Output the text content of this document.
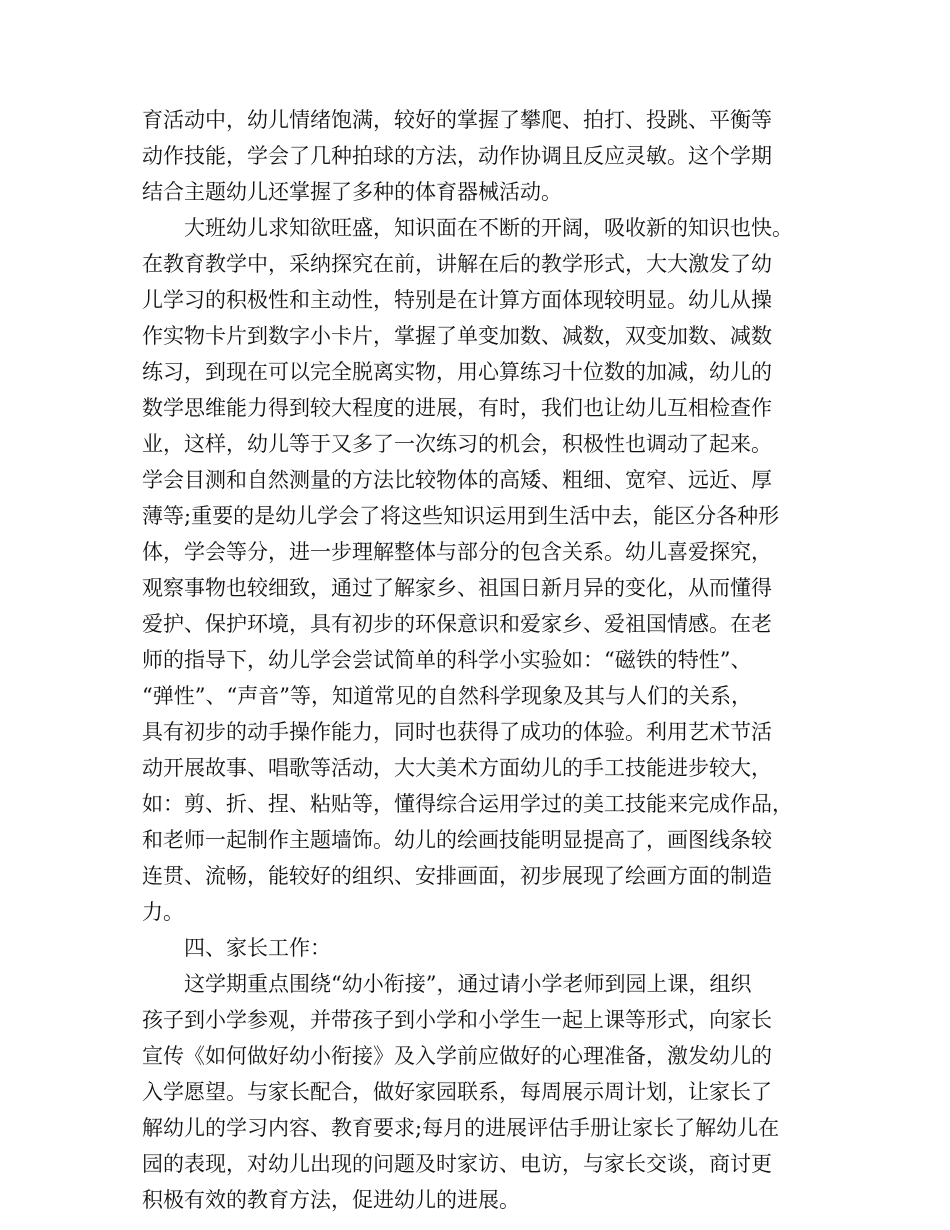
育活动中，幼儿情绪饱满，较好的掌握了攀爬、拍打、投跳、平衡等
动作技能，学会了几种拍球的方法，动作协调且反应灵敏。这个学期
结合主题幼儿还掌握了多种的体育器械活动。
大班幼儿求知欲旺盛，知识面在不断的开阔，吸收新的知识也快。
在教育教学中，采纳探究在前，讲解在后的教学形式，大大激发了幼
儿学习的积极性和主动性，特别是在计算方面体现较明显。幼儿从操
作实物卡片到数字小卡片，掌握了单变加数、减数，双变加数、减数
练习，到现在可以完全脱离实物，用心算练习十位数的加减，幼儿的
数学思维能力得到较大程度的进展，有时，我们也让幼儿互相检查作
业，这样，幼儿等于又多了一次练习的机会，积极性也调动了起来。
学会目测和自然测量的方法比较物体的高矮、粗细、宽窄、远近、厚
薄等;重要的是幼儿学会了将这些知识运用到生活中去，能区分各种形
体，学会等分，进一步理解整体与部分的包含关系。幼儿喜爱探究，
观察事物也较细致，通过了解家乡、祖国日新月异的变化，从而懂得
爱护、保护环境，具有初步的环保意识和爱家乡、爱祖国情感。在老
师的指导下，幼儿学会尝试简单的科学小实验如：“磁铁的特性”、
“弹性”、“声音”等，知道常见的自然科学现象及其与人们的关系，
具有初步的动手操作能力，同时也获得了成功的体验。利用艺术节活
动开展故事、唱歌等活动，大大美术方面幼儿的手工技能进步较大，
如：剪、折、捏、粘贴等，懂得综合运用学过的美工技能来完成作品，
和老师一起制作主题墙饰。幼儿的绘画技能明显提高了，画图线条较
连贯、流畅，能较好的组织、安排画面，初步展现了绘画方面的制造
力。
四、家长工作：
这学期重点围绕“幼小衔接”，通过请小学老师到园上课，组织
孩子到小学参观，并带孩子到小学和小学生一起上课等形式，向家长
宣传《如何做好幼小衔接》及入学前应做好的心理准备，激发幼儿的
入学愿望。与家长配合，做好家园联系，每周展示周计划，让家长了
解幼儿的学习内容、教育要求;每月的进展评估手册让家长了解幼儿在
园的表现，对幼儿出现的问题及时家访、电访，与家长交谈，商讨更
积极有效的教育方法，促进幼儿的进展。
